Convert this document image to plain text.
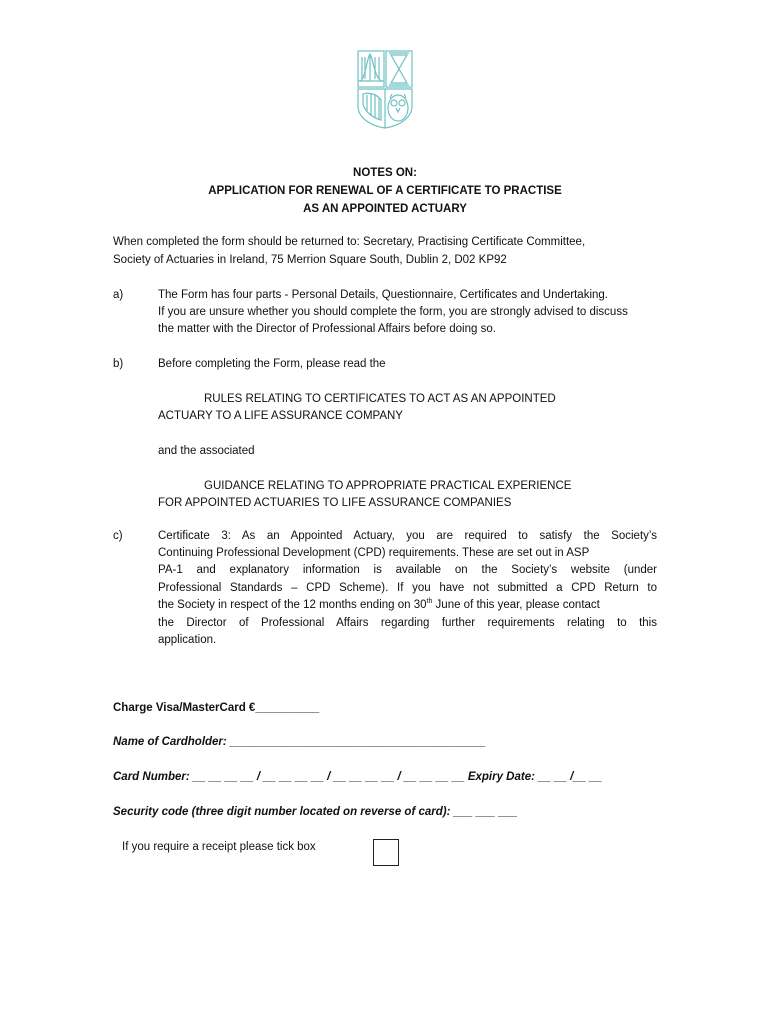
NOTES ON:
APPLICATION FOR RENEWAL OF A CERTIFICATE TO PRACTISE
AS AN APPOINTED ACTUARY
When completed the form should be returned to: Secretary, Practising Certificate Committee,
Society of Actuaries in Ireland, 75 Merrion Square South, Dublin 2, D02 KP92
a)	The Form has four parts - Personal Details, Questionnaire, Certificates and Undertaking.
If you are unsure whether you should complete the form, you are strongly advised to discuss
the matter with the Director of Professional Affairs before doing so.
b)	Before completing the Form, please read the
RULES RELATING TO CERTIFICATES TO ACT AS AN APPOINTED
ACTUARY TO A LIFE ASSURANCE COMPANY
and the associated
GUIDANCE RELATING TO APPROPRIATE PRACTICAL EXPERIENCE
FOR APPOINTED ACTUARIES TO LIFE ASSURANCE COMPANIES
c)	Certificate 3: As an Appointed Actuary, you are required to satisfy the Society’s
Continuing Professional Development (CPD) requirements. These are set out in ASP
PA-1 and explanatory information is available on the Society’s website (under
Professional Standards – CPD Scheme). If you have not submitted a CPD Return to
the Society in respect of the 12 months ending on 30th June of this year, please contact
the Director of Professional Affairs regarding further requirements relating to this
application.
Charge Visa/MasterCard €__________
Name of Cardholder: ________________________________________
Card Number: __ __ __ __ / __ __ __ __ / __ __ __ __ / __ __ __ __ Expiry Date: __ __ /__ __
Security code (three digit number located on reverse of card): ___ ___ ___
If you require a receipt please tick box
